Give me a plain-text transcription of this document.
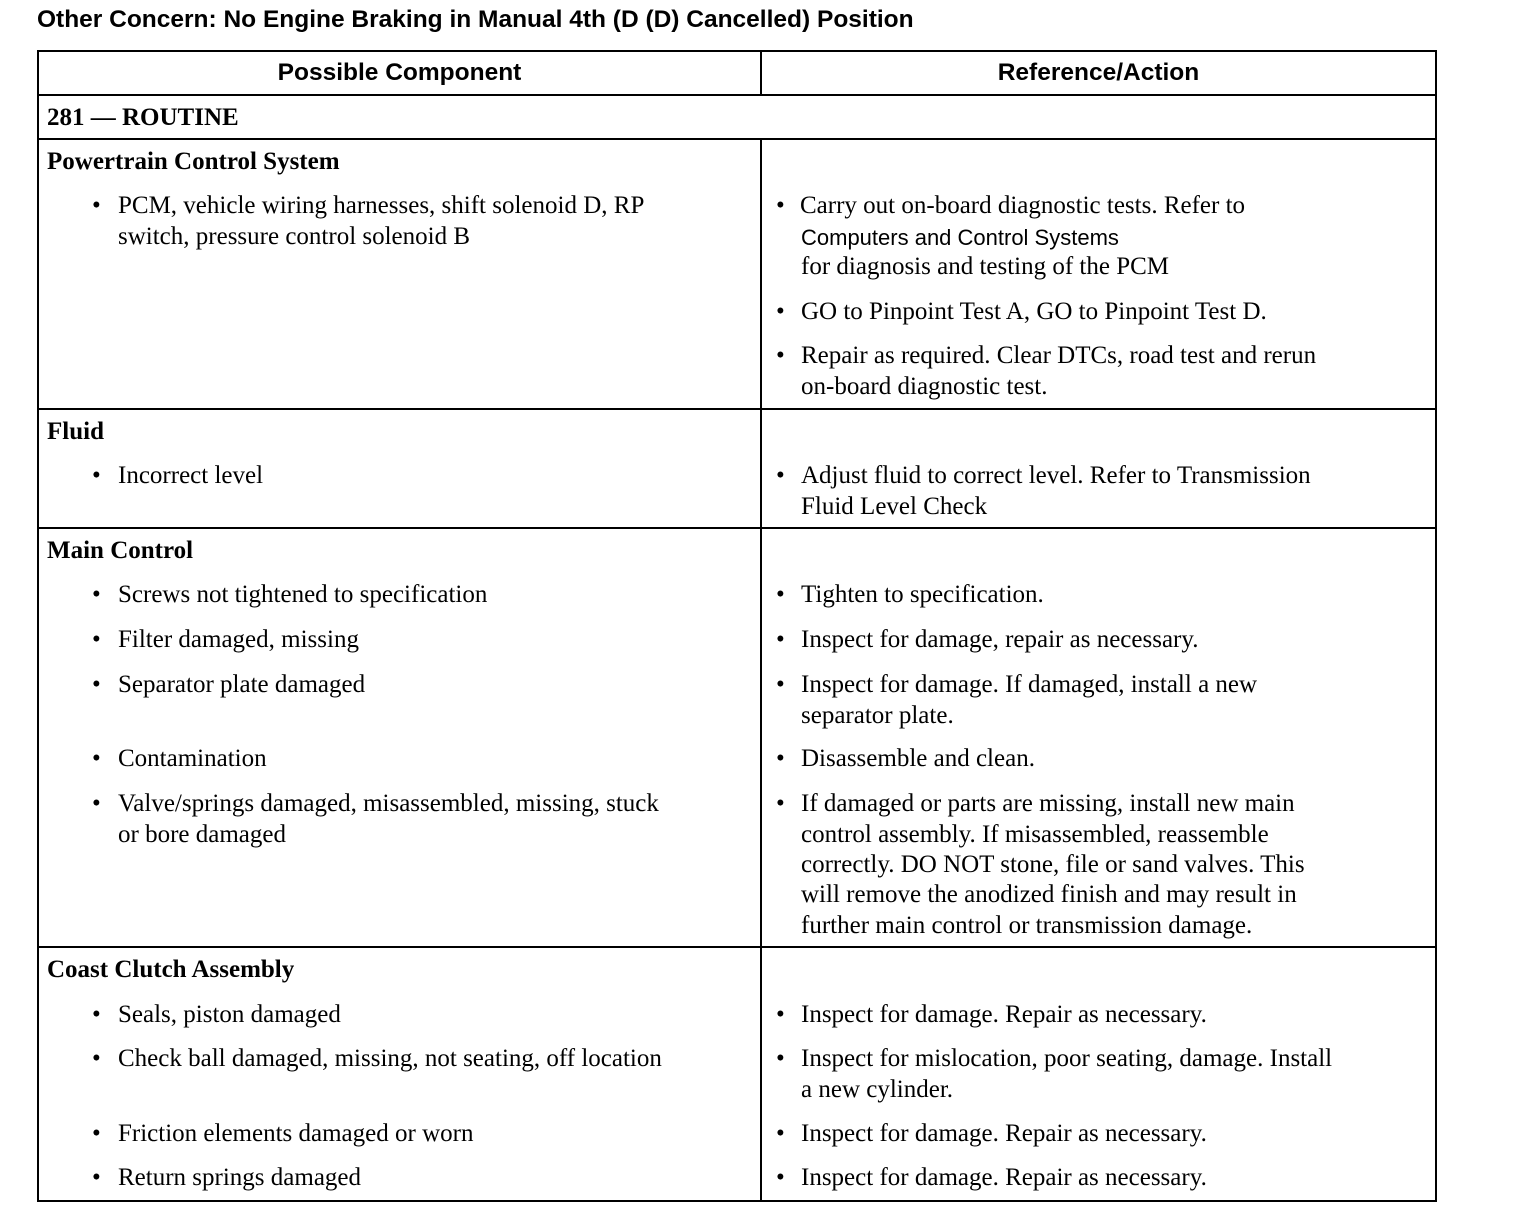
Other Concern: No Engine Braking in Manual 4th (D (D) Cancelled) Position
Possible Component	Reference/Action
281 — ROUTINE
Powertrain Control System
• PCM, vehicle wiring harnesses, shift solenoid D, RP
switch, pressure control solenoid B
• Carry out on-board diagnostic tests. Refer to
Computers and Control Systems
for diagnosis and testing of the PCM
• GO to Pinpoint Test A, GO to Pinpoint Test D.
• Repair as required. Clear DTCs, road test and rerun
on-board diagnostic test.
Fluid
• Incorrect level	• Adjust fluid to correct level. Refer to Transmission
Fluid Level Check
Main Control
• Screws not tightened to specification
• Filter damaged, missing
• Separator plate damaged
• Contamination
• Valve/springs damaged, misassembled, missing, stuck
or bore damaged
• Tighten to specification.
• Inspect for damage, repair as necessary.
• Inspect for damage. If damaged, install a new
separator plate.
• Disassemble and clean.
• If damaged or parts are missing, install new main
control assembly. If misassembled, reassemble
correctly. DO NOT stone, file or sand valves. This
will remove the anodized finish and may result in
further main control or transmission damage.
Coast Clutch Assembly
• Seals, piston damaged
• Check ball damaged, missing, not seating, off location
• Friction elements damaged or worn
• Return springs damaged
• Inspect for damage. Repair as necessary.
• Inspect for mislocation, poor seating, damage. Install
a new cylinder.
• Inspect for damage. Repair as necessary.
• Inspect for damage. Repair as necessary.
